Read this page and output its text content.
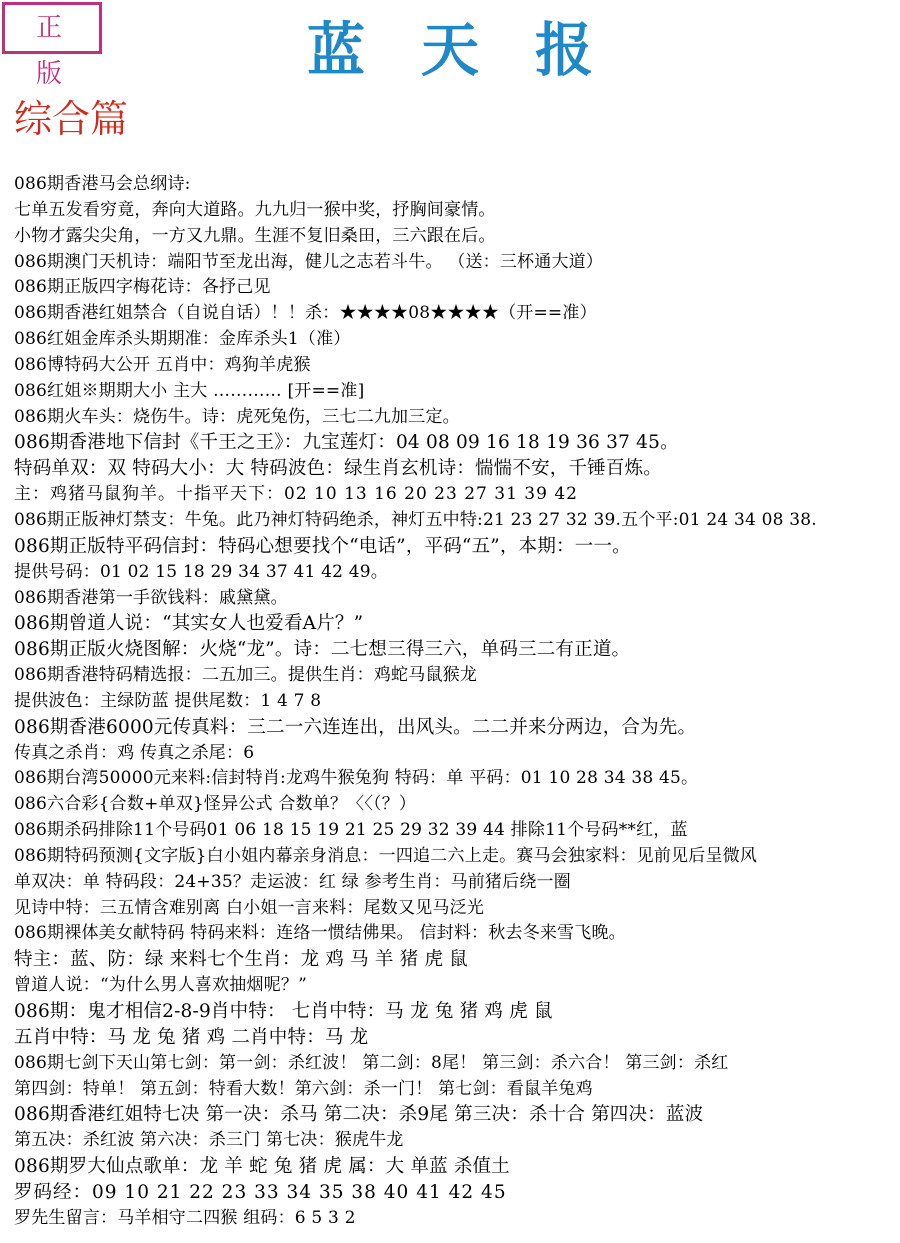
正 版	蓝天报
综合篇
086期香港马会总纲诗:
七单五发看穷竟，奔向大道路。九九归一猴中奖，抒胸间豪情。
小物才露尖尖角，一方又九鼎。生涯不复旧桑田，三六跟在后。
086期澳门天机诗：端阳节至龙出海，健儿之志若斗牛。 （送：三杯通大道）
086期正版四字梅花诗：各抒己见
086期香港红姐禁合（自说自话）！！杀：★★★★08★★★★（开==准）
086红姐金库杀头期期准：金库杀头1（准）
086博特码大公开 五肖中：鸡狗羊虎猴
086红姐※期期大小 主大 ………… [开==准]
086期火车头：烧伤牛。诗：虎死兔伤，三七二九加三定。
086期香港地下信封《千王之王》：九宝莲灯：04 08 09 16 18 19 36 37 45。
特码单双：双 特码大小：大 特码波色：绿生肖玄机诗：惴惴不安，千锤百炼。
主：鸡猪马鼠狗羊。十指平天下：02 10 13 16 20 23 27 31 39 42
086期正版神灯禁支：牛兔。此乃神灯特码绝杀，神灯五中特:21 23 27 32 39.五个平:01 24 34 08 38.
086期正版特平码信封：特码心想要找个“电话”，平码“五”，本期：一一。
提供号码：01 02 15 18 29 34 37 41 42 49。
086期香港第一手欲钱料：戚黛黛。
086期曾道人说：“其实女人也爱看A片？”
086期正版火烧图解：火烧“龙”。诗：二七想三得三六，单码三二有正道。
086期香港特码精选报：二五加三。提供生肖：鸡蛇马鼠猴龙
提供波色：主绿防蓝 提供尾数：1 4 7 8
086期香港6000元传真料：三二一六连连出，出风头。二二并来分两边，合为先。
传真之杀肖：鸡 传真之杀尾：6
086期台湾50000元来料:信封特肖:龙鸡牛猴兔狗 特码：单 平码：01 10 28 34 38 45。
086六合彩{合数+单双}怪异公式 合数单？〈〈（？）
086期杀码排除11个号码01 06 18 15 19 21 25 29 32 39 44 排除11个号码**红，蓝
086期特码预测{文字版}白小姐内幕亲身消息：一四追二六上走。赛马会独家料：见前见后呈微风
单双决：单 特码段：24+35？走运波：红 绿 参考生肖：马前猪后绕一圈
见诗中特：三五情含难别离 白小姐一言来料：尾数又见马泛光
086期裸体美女献特码 特码来料：连络一惯结佛果。 信封料：秋去冬来雪飞晚。
特主：蓝、防：绿 来料七个生肖：龙 鸡 马 羊 猪 虎 鼠
曾道人说：“为什么男人喜欢抽烟呢？”
086期：鬼才相信2-8-9肖中特： 七肖中特：马 龙 兔 猪 鸡 虎 鼠
五肖中特：马 龙 兔 猪 鸡 二肖中特：马 龙
086期七剑下天山第七剑：第一剑：杀红波！ 第二剑：8尾！ 第三剑：杀六合！ 第三剑：杀红
第四剑：特单！ 第五剑：特看大数！第六剑：杀一门！ 第七剑：看鼠羊兔鸡
086期香港红姐特七决 第一决：杀马 第二决：杀9尾 第三决：杀十合 第四决：蓝波
第五决：杀红波 第六决：杀三门 第七决：猴虎牛龙
086期罗大仙点歌单：龙 羊 蛇 兔 猪 虎 属：大 单蓝 杀值土
罗码经：09 10 21 22 23 33 34 35 38 40 41 42 45
罗先生留言：马羊相守二四猴 组码：6 5 3 2
